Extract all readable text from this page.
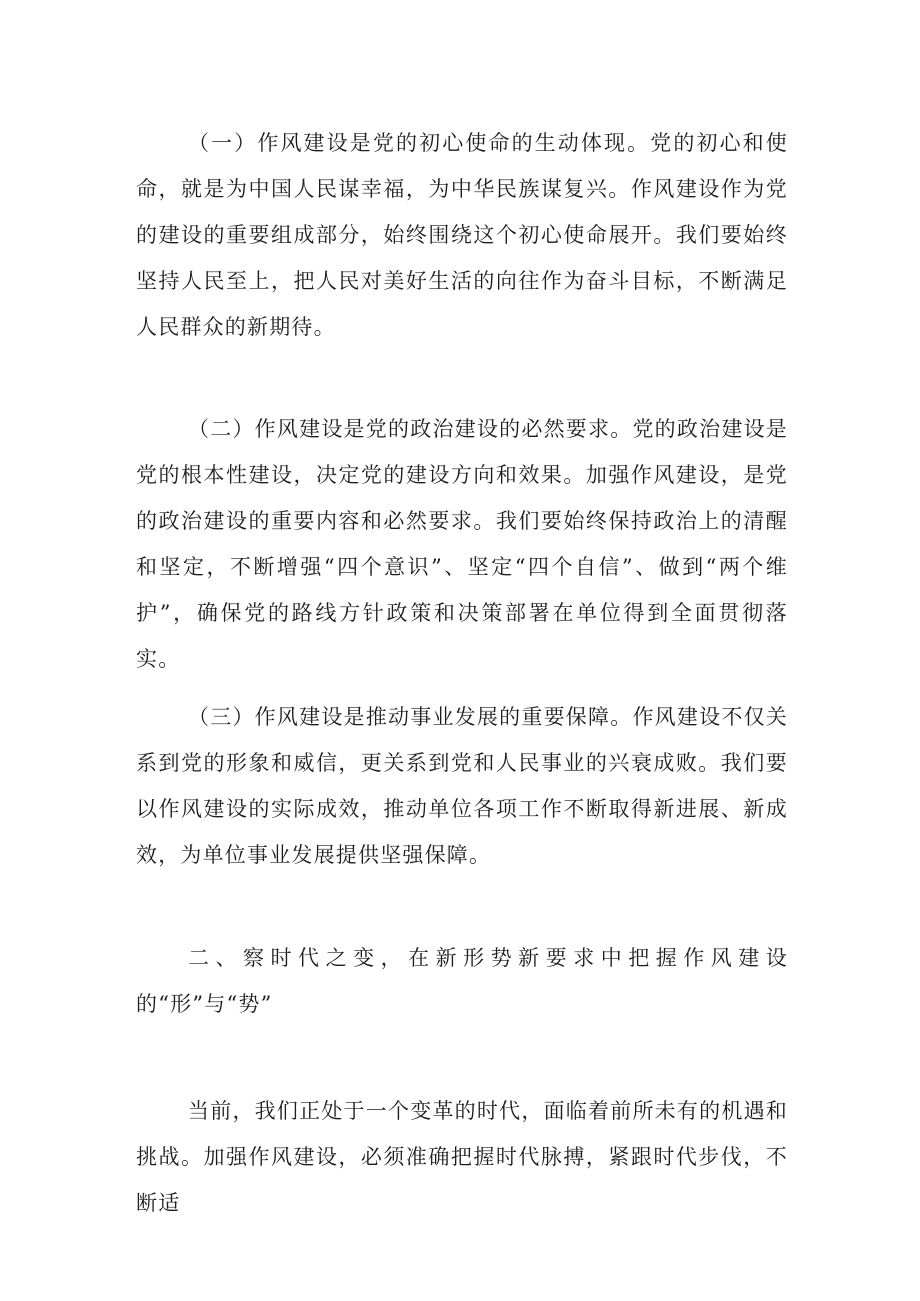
（一）作风建设是党的初心使命的生动体现。党的初心和使命，就是为中国人民谋幸福，为中华民族谋复兴。作风建设作为党的建设的重要组成部分，始终围绕这个初心使命展开。我们要始终坚持人民至上，把人民对美好生活的向往作为奋斗目标，不断满足人民群众的新期待。

（二）作风建设是党的政治建设的必然要求。党的政治建设是党的根本性建设，决定党的建设方向和效果。加强作风建设，是党的政治建设的重要内容和必然要求。我们要始终保持政治上的清醒和坚定，不断增强“四个意识”、坚定“四个自信”、做到“两个维护”，确保党的路线方针政策和决策部署在单位得到全面贯彻落实。

（三）作风建设是推动事业发展的重要保障。作风建设不仅关系到党的形象和威信，更关系到党和人民事业的兴衰成败。我们要以作风建设的实际成效，推动单位各项工作不断取得新进展、新成效，为单位事业发展提供坚强保障。

二、察时代之变，在新形势新要求中把握作风建设的“形”与“势”

当前，我们正处于一个变革的时代，面临着前所未有的机遇和挑战。加强作风建设，必须准确把握时代脉搏，紧跟时代步伐，不断适
